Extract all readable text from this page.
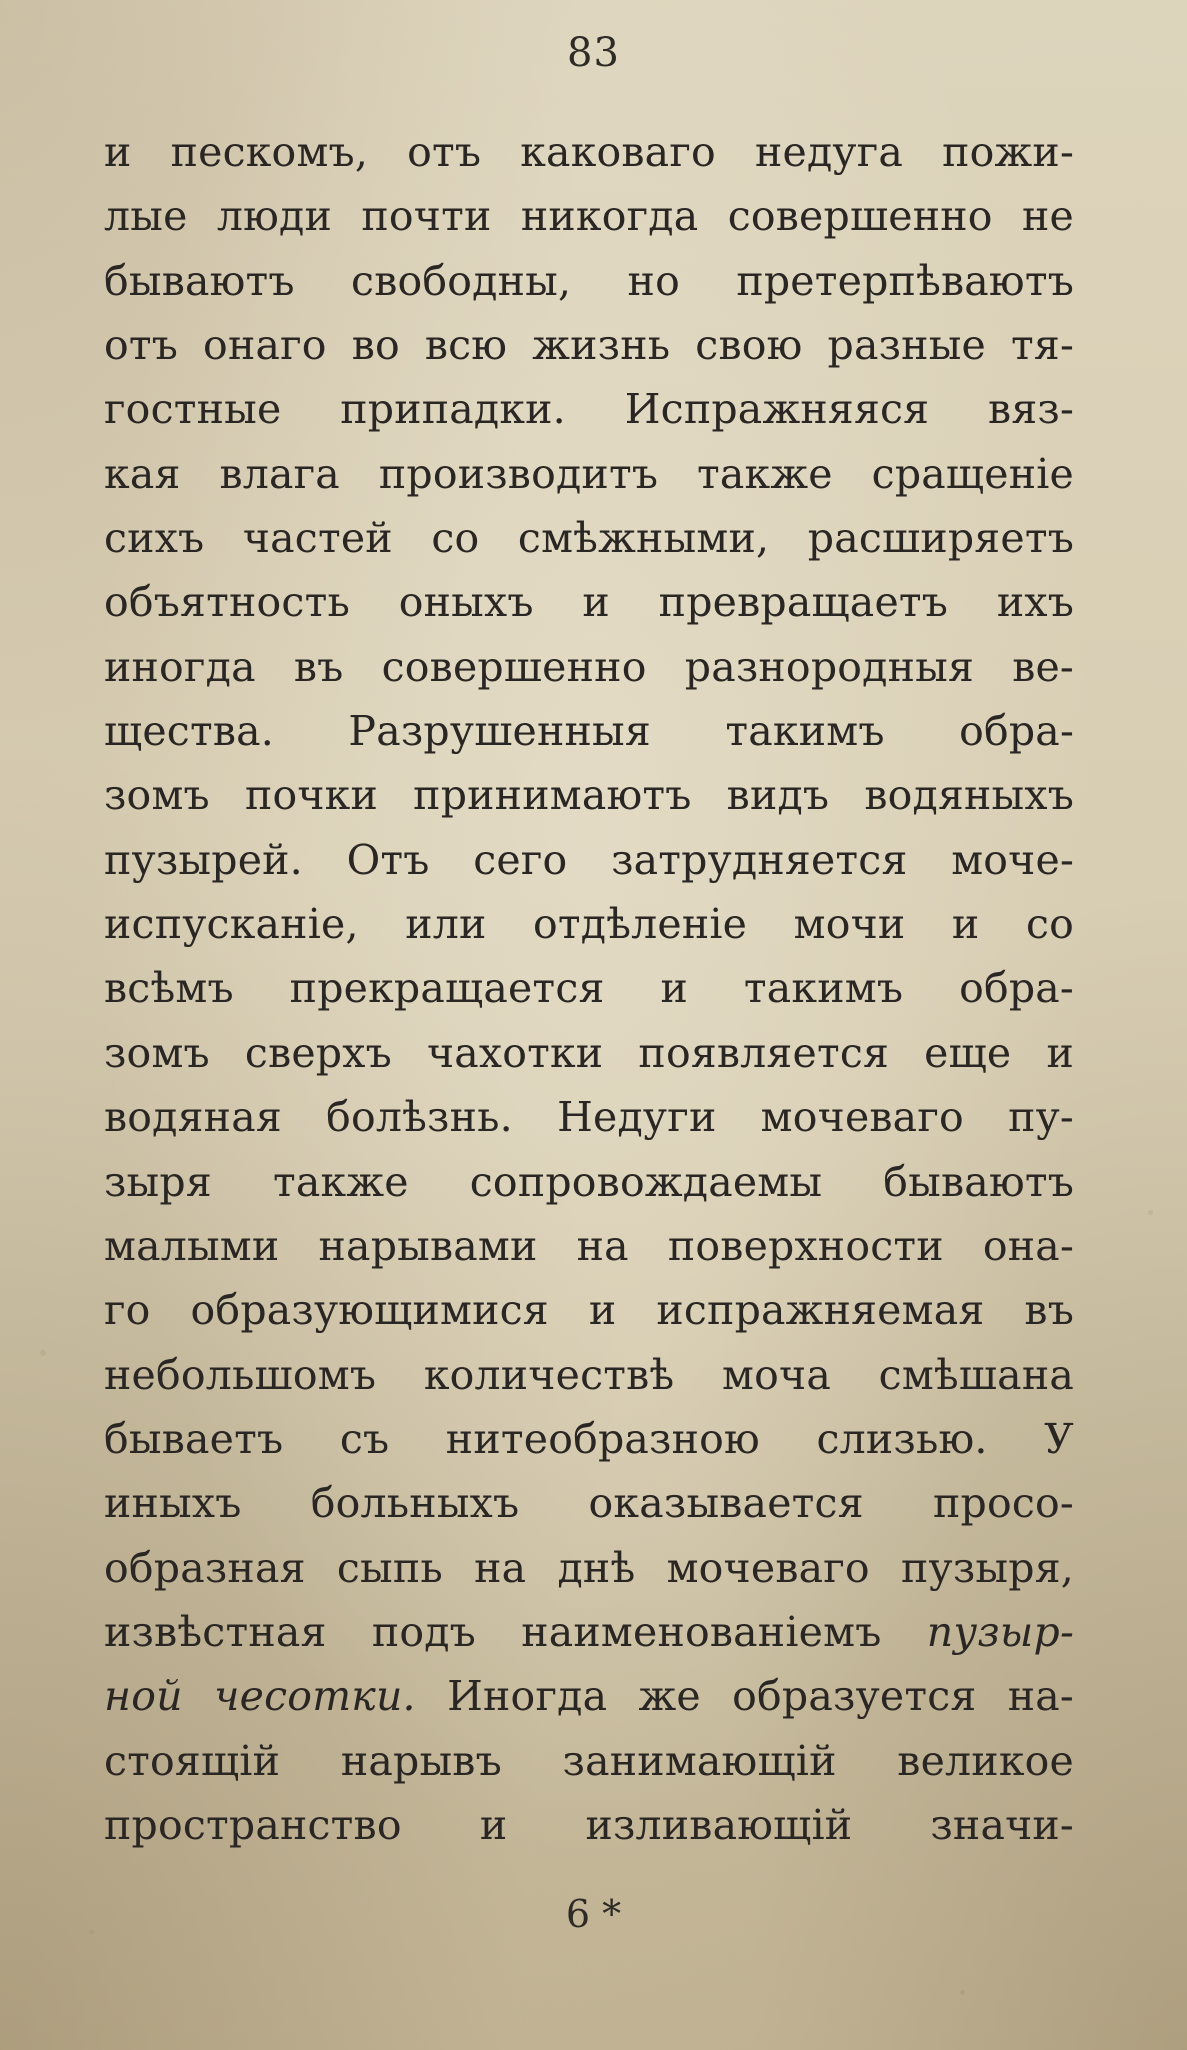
83
и пескомъ, отъ каковаго недуга пожи-
лые люди почти никогда совершенно не
бываютъ свободны, но претерпѣваютъ
отъ онаго во всю жизнь свою разные тя-
гостные припадки. Испражняяся вяз-
кая влага производитъ также сращеніе
сихъ частей со смѣжными, расширяетъ
объятность оныхъ и превращаетъ ихъ
иногда въ совершенно разнородныя ве-
щества. Разрушенныя такимъ обра-
зомъ почки принимаютъ видъ водяныхъ
пузырей. Отъ сего затрудняется моче-
испусканіе, или отдѣленіе мочи и со
всѣмъ прекращается и такимъ обра-
зомъ сверхъ чахотки появляется еще и
водяная болѣзнь. Недуги мочеваго пу-
зыря также сопровождаемы бываютъ
малыми нарывами на поверхности она-
го образующимися и испражняемая въ
небольшомъ количествѣ моча смѣшана
бываетъ съ нитеобразною слизью. У
иныхъ больныхъ оказывается просо-
образная сыпь на днѣ мочеваго пузыря,
извѣстная подъ наименованіемъ пузыр-
ной чесотки. Иногда же образуется на-
стоящій нарывъ занимающій великое
пространство и изливающій значи-
6 *
